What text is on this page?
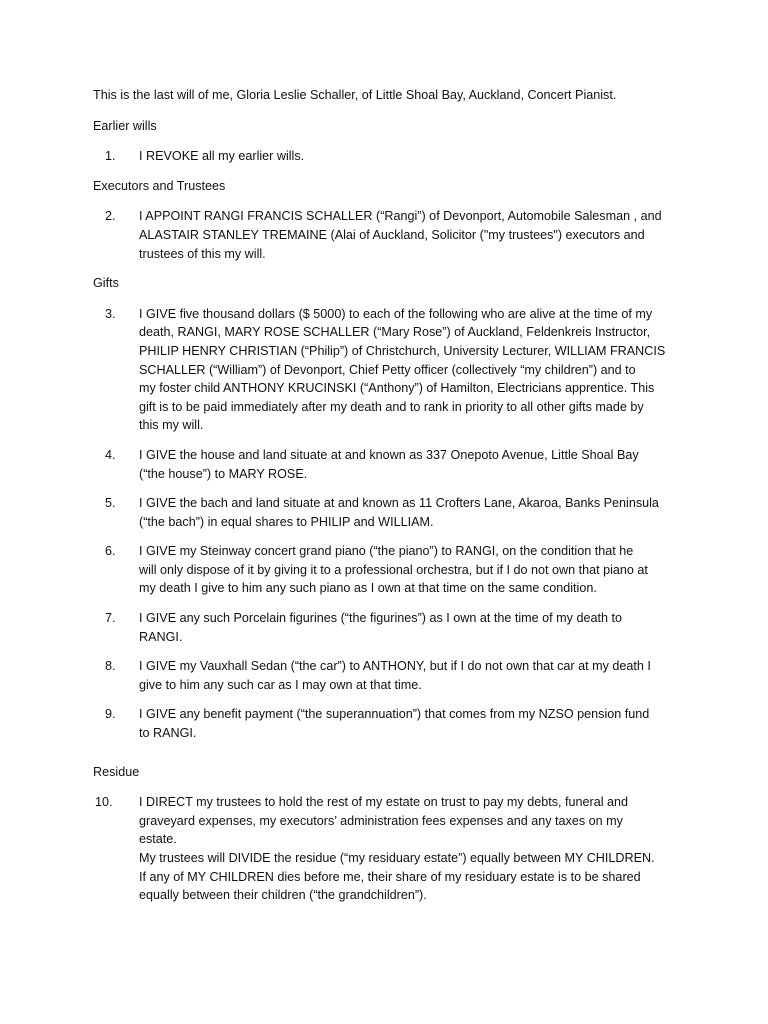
This is the last will of me, Gloria Leslie Schaller, of Little Shoal Bay, Auckland, Concert Pianist.

Earlier wills

1.	I REVOKE all my earlier wills.

Executors and Trustees

2.	I APPOINT RANGI FRANCIS SCHALLER (“Rangi”) of Devonport, Automobile Salesman , and
ALASTAIR STANLEY TREMAINE (Alai of Auckland, Solicitor ("my trustees") executors and
trustees of this my will.

Gifts

3.	I GIVE five thousand dollars ($ 5000) to each of the following who are alive at the time of my
death, RANGI, MARY ROSE SCHALLER (“Mary Rose”) of Auckland, Feldenkreis Instructor,
PHILIP HENRY CHRISTIAN (“Philip”) of Christchurch, University Lecturer, WILLIAM FRANCIS
SCHALLER (“William”) of Devonport, Chief Petty officer (collectively “my children”) and to
my foster child ANTHONY KRUCINSKI (“Anthony”) of Hamilton, Electricians apprentice. This
gift is to be paid immediately after my death and to rank in priority to all other gifts made by
this my will.
4.	I GIVE the house and land situate at and known as 337 Onepoto Avenue, Little Shoal Bay
(“the house”) to MARY ROSE.
5.	I GIVE the bach and land situate at and known as 11 Crofters Lane, Akaroa, Banks Peninsula
(“the bach”) in equal shares to PHILIP and WILLIAM.
6.	I GIVE my Steinway concert grand piano (“the piano”) to RANGI, on the condition that he
will only dispose of it by giving it to a professional orchestra, but if I do not own that piano at
my death I give to him any such piano as I own at that time on the same condition.
7.	I GIVE any such Porcelain figurines (“the figurines”) as I own at the time of my death to
RANGI.
8.	I GIVE my Vauxhall Sedan (“the car”) to ANTHONY, but if I do not own that car at my death I
give to him any such car as I may own at that time.
9.	I GIVE any benefit payment (“the superannuation”) that comes from my NZSO pension fund
to RANGI.

Residue

10.	I DIRECT my trustees to hold the rest of my estate on trust to pay my debts, funeral and
graveyard expenses, my executors’ administration fees expenses and any taxes on my
estate.
My trustees will DIVIDE the residue (“my residuary estate”) equally between MY CHILDREN.
If any of MY CHILDREN dies before me, their share of my residuary estate is to be shared
equally between their children (“the grandchildren”).
